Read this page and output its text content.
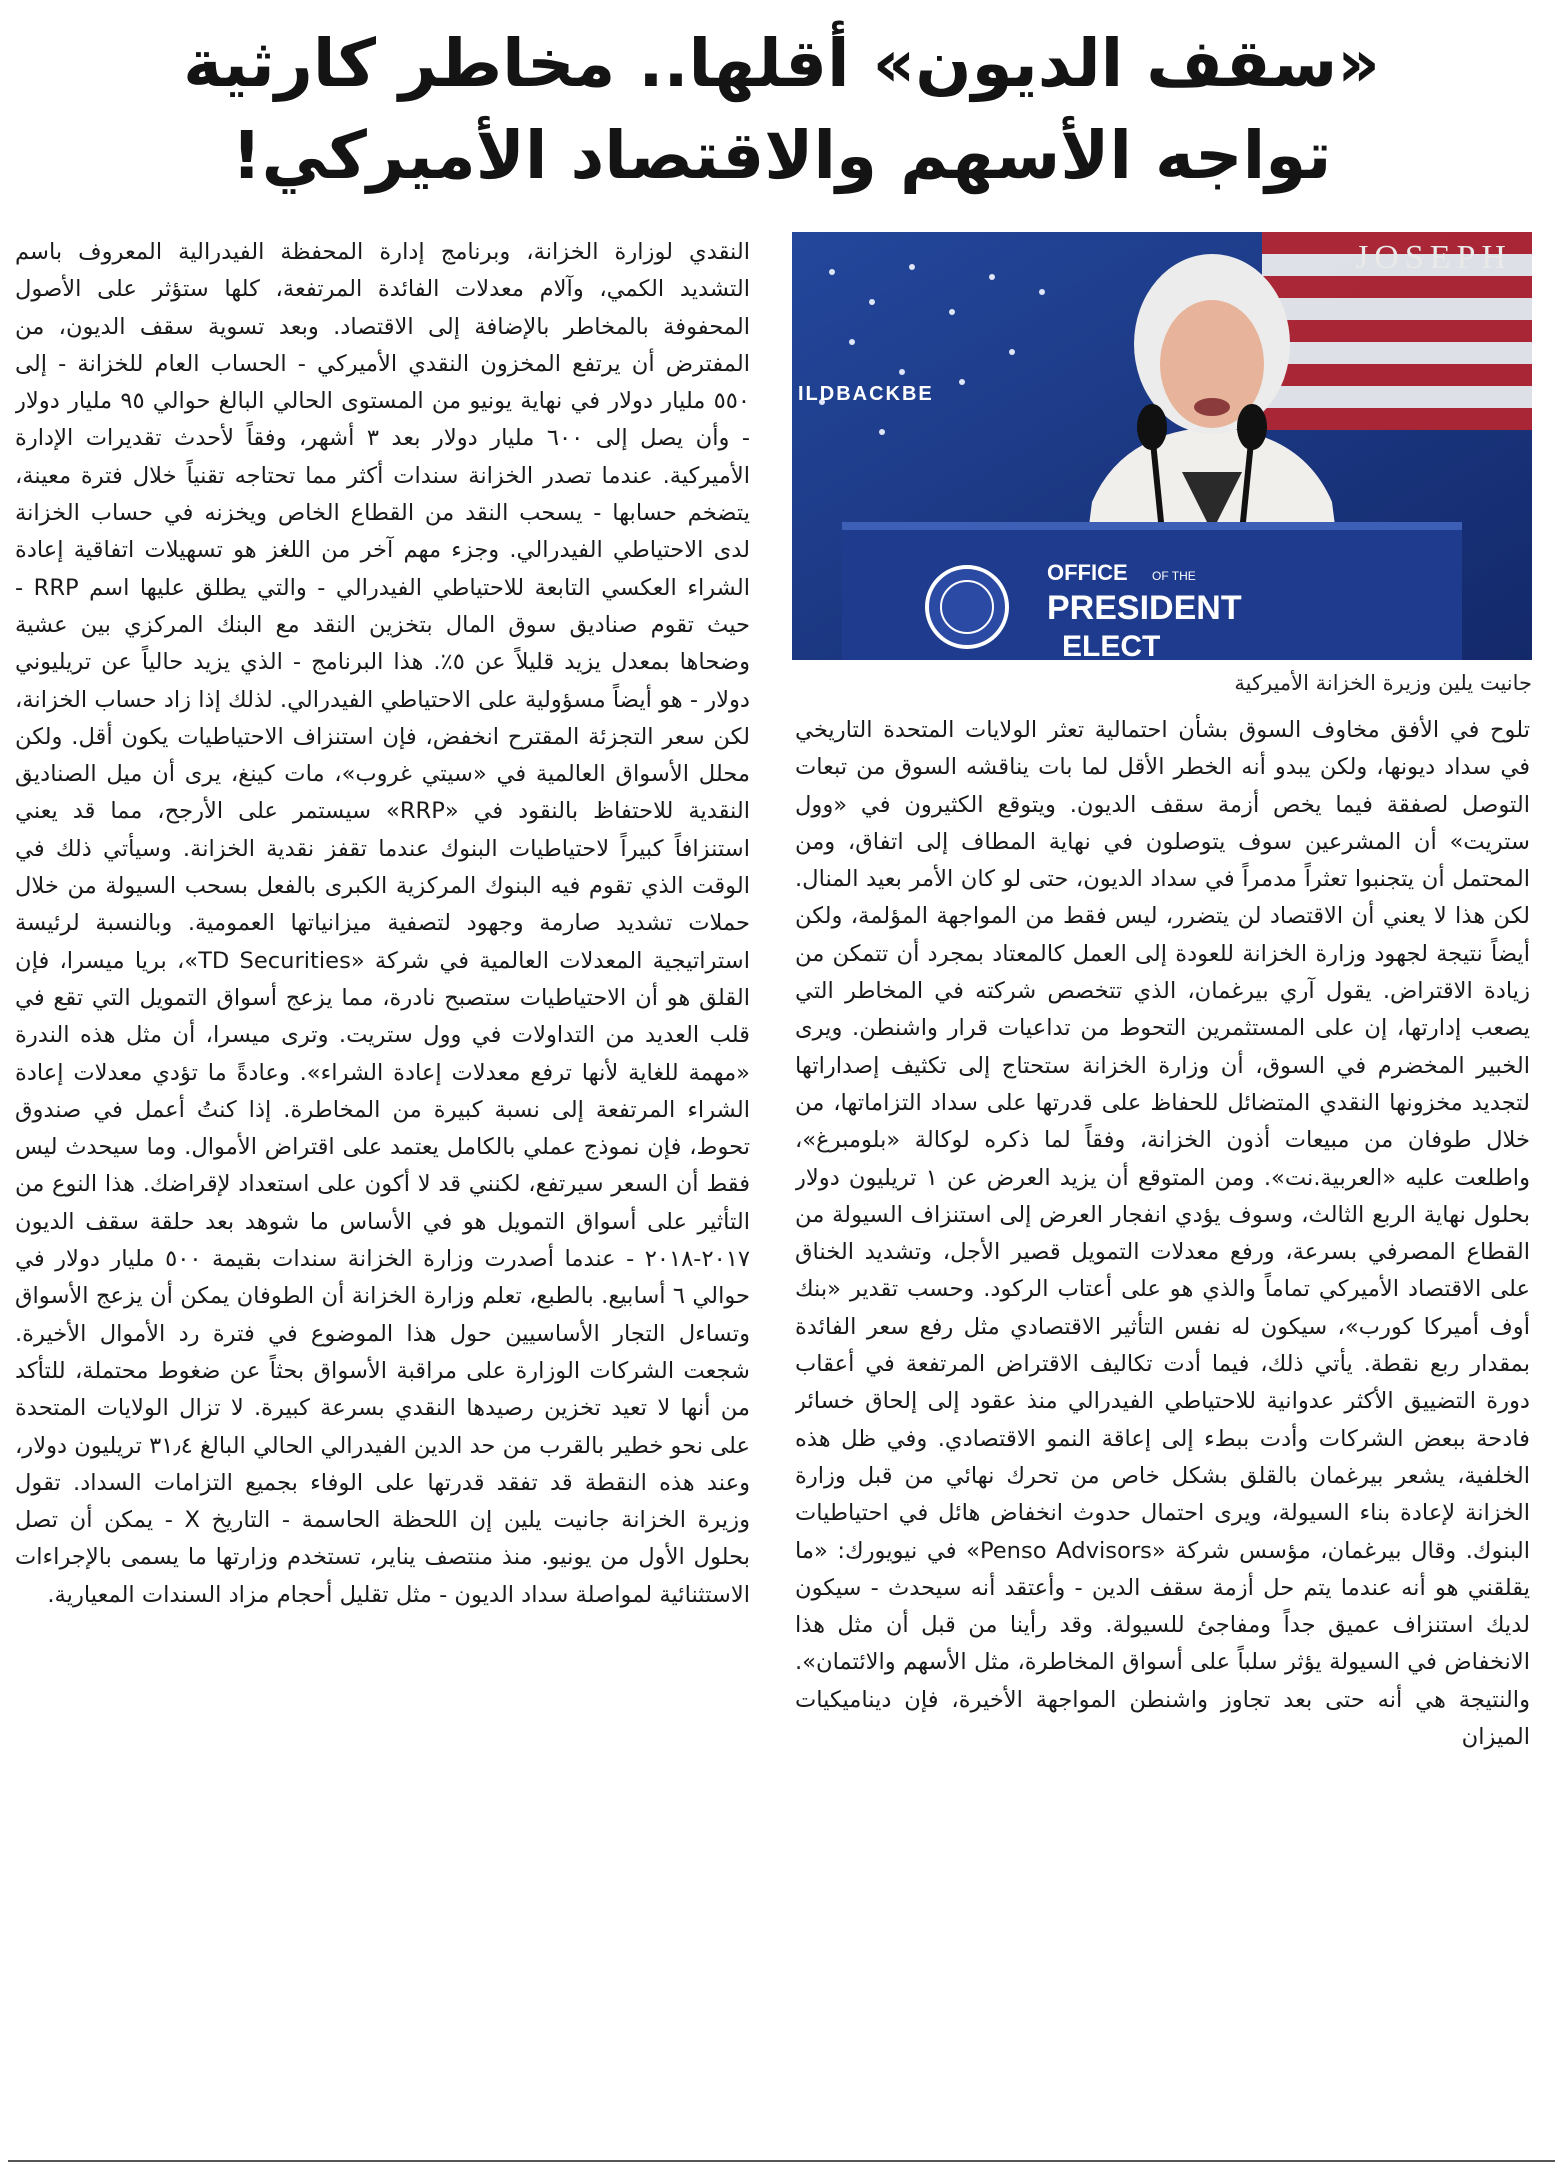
«سقف الديون» أقلها.. مخاطر كارثية
تواجه الأسهم والاقتصاد الأميركي!
JOSEPH
ILDBACKBE
OFFICE OF THE
PRESIDENT
ELECT
جانيت يلين وزيرة الخزانة الأميركية

تلوح في الأفق مخاوف السوق بشأن احتمالية تعثر الولايات المتحدة التاريخي في سداد ديونها، ولكن يبدو أنه الخطر الأقل لما بات يناقشه السوق من تبعات التوصل لصفقة فيما يخص أزمة سقف الديون. ويتوقع الكثيرون في «وول ستريت» أن المشرعين سوف يتوصلون في نهاية المطاف إلى اتفاق، ومن المحتمل أن يتجنبوا تعثراً مدمراً في سداد الديون، حتى لو كان الأمر بعيد المنال. لكن هذا لا يعني أن الاقتصاد لن يتضرر، ليس فقط من المواجهة المؤلمة، ولكن أيضاً نتيجة لجهود وزارة الخزانة للعودة إلى العمل كالمعتاد بمجرد أن تتمكن من زيادة الاقتراض. يقول آري بيرغمان، الذي تتخصص شركته في المخاطر التي يصعب إدارتها، إن على المستثمرين التحوط من تداعيات قرار واشنطن. ويرى الخبير المخضرم في السوق، أن وزارة الخزانة ستحتاج إلى تكثيف إصداراتها لتجديد مخزونها النقدي المتضائل للحفاظ على قدرتها على سداد التزاماتها، من خلال طوفان من مبيعات أذون الخزانة، وفقاً لما ذكره لوكالة «بلومبرغ»، واطلعت عليه «العربية.نت». ومن المتوقع أن يزيد العرض عن ١ تريليون دولار بحلول نهاية الربع الثالث، وسوف يؤدي انفجار العرض إلى استنزاف السيولة من القطاع المصرفي بسرعة، ورفع معدلات التمويل قصير الأجل، وتشديد الخناق على الاقتصاد الأميركي تماماً والذي هو على أعتاب الركود. وحسب تقدير «بنك أوف أميركا كورب»، سيكون له نفس التأثير الاقتصادي مثل رفع سعر الفائدة بمقدار ربع نقطة. يأتي ذلك، فيما أدت تكاليف الاقتراض المرتفعة في أعقاب دورة التضييق الأكثر عدوانية للاحتياطي الفيدرالي منذ عقود إلى إلحاق خسائر فادحة ببعض الشركات وأدت ببطء إلى إعاقة النمو الاقتصادي. وفي ظل هذه الخلفية، يشعر بيرغمان بالقلق بشكل خاص من تحرك نهائي من قبل وزارة الخزانة لإعادة بناء السيولة، ويرى احتمال حدوث انخفاض هائل في احتياطيات البنوك. وقال بيرغمان، مؤسس شركة «Penso Advisors» في نيويورك: «ما يقلقني هو أنه عندما يتم حل أزمة سقف الدين - وأعتقد أنه سيحدث - سيكون لديك استنزاف عميق جداً ومفاجئ للسيولة. وقد رأينا من قبل أن مثل هذا الانخفاض في السيولة يؤثر سلباً على أسواق المخاطرة، مثل الأسهم والائتمان». والنتيجة هي أنه حتى بعد تجاوز واشنطن المواجهة الأخيرة، فإن ديناميكيات الميزان

النقدي لوزارة الخزانة، وبرنامج إدارة المحفظة الفيدرالية المعروف باسم التشديد الكمي، وآلام معدلات الفائدة المرتفعة، كلها ستؤثر على الأصول المحفوفة بالمخاطر بالإضافة إلى الاقتصاد. وبعد تسوية سقف الديون، من المفترض أن يرتفع المخزون النقدي الأميركي - الحساب العام للخزانة - إلى ٥٥٠ مليار دولار في نهاية يونيو من المستوى الحالي البالغ حوالي ٩٥ مليار دولار - وأن يصل إلى ٦٠٠ مليار دولار بعد ٣ أشهر، وفقاً لأحدث تقديرات الإدارة الأميركية. عندما تصدر الخزانة سندات أكثر مما تحتاجه تقنياً خلال فترة معينة، يتضخم حسابها - يسحب النقد من القطاع الخاص ويخزنه في حساب الخزانة لدى الاحتياطي الفيدرالي. وجزء مهم آخر من اللغز هو تسهيلات اتفاقية إعادة الشراء العكسي التابعة للاحتياطي الفيدرالي - والتي يطلق عليها اسم RRP - حيث تقوم صناديق سوق المال بتخزين النقد مع البنك المركزي بين عشية وضحاها بمعدل يزيد قليلاً عن ٥٪. هذا البرنامج - الذي يزيد حالياً عن تريليوني دولار - هو أيضاً مسؤولية على الاحتياطي الفيدرالي. لذلك إذا زاد حساب الخزانة، لكن سعر التجزئة المقترح انخفض، فإن استنزاف الاحتياطيات يكون أقل. ولكن محلل الأسواق العالمية في «سيتي غروب»، مات كينغ، يرى أن ميل الصناديق النقدية للاحتفاظ بالنقود في «RRP» سيستمر على الأرجح، مما قد يعني استنزافاً كبيراً لاحتياطيات البنوك عندما تقفز نقدية الخزانة. وسيأتي ذلك في الوقت الذي تقوم فيه البنوك المركزية الكبرى بالفعل بسحب السيولة من خلال حملات تشديد صارمة وجهود لتصفية ميزانياتها العمومية. وبالنسبة لرئيسة استراتيجية المعدلات العالمية في شركة «TD Securities»، بريا ميسرا، فإن القلق هو أن الاحتياطيات ستصبح نادرة، مما يزعج أسواق التمويل التي تقع في قلب العديد من التداولات في وول ستريت. وترى ميسرا، أن مثل هذه الندرة «مهمة للغاية لأنها ترفع معدلات إعادة الشراء». وعادةً ما تؤدي معدلات إعادة الشراء المرتفعة إلى نسبة كبيرة من المخاطرة. إذا كنتُ أعمل في صندوق تحوط، فإن نموذج عملي بالكامل يعتمد على اقتراض الأموال. وما سيحدث ليس فقط أن السعر سيرتفع، لكنني قد لا أكون على استعداد لإقراضك. هذا النوع من التأثير على أسواق التمويل هو في الأساس ما شوهد بعد حلقة سقف الديون ٢٠١٧-٢٠١٨ - عندما أصدرت وزارة الخزانة سندات بقيمة ٥٠٠ مليار دولار في حوالي ٦ أسابيع. بالطبع، تعلم وزارة الخزانة أن الطوفان يمكن أن يزعج الأسواق وتساءل التجار الأساسيين حول هذا الموضوع في فترة رد الأموال الأخيرة. شجعت الشركات الوزارة على مراقبة الأسواق بحثاً عن ضغوط محتملة، للتأكد من أنها لا تعيد تخزين رصيدها النقدي بسرعة كبيرة. لا تزال الولايات المتحدة على نحو خطير بالقرب من حد الدين الفيدرالي الحالي البالغ ٣١٫٤ تريليون دولار، وعند هذه النقطة قد تفقد قدرتها على الوفاء بجميع التزامات السداد. تقول وزيرة الخزانة جانيت يلين إن اللحظة الحاسمة - التاريخ X - يمكن أن تصل بحلول الأول من يونيو. منذ منتصف يناير، تستخدم وزارتها ما يسمى بالإجراءات الاستثنائية لمواصلة سداد الديون - مثل تقليل أحجام مزاد السندات المعيارية.
